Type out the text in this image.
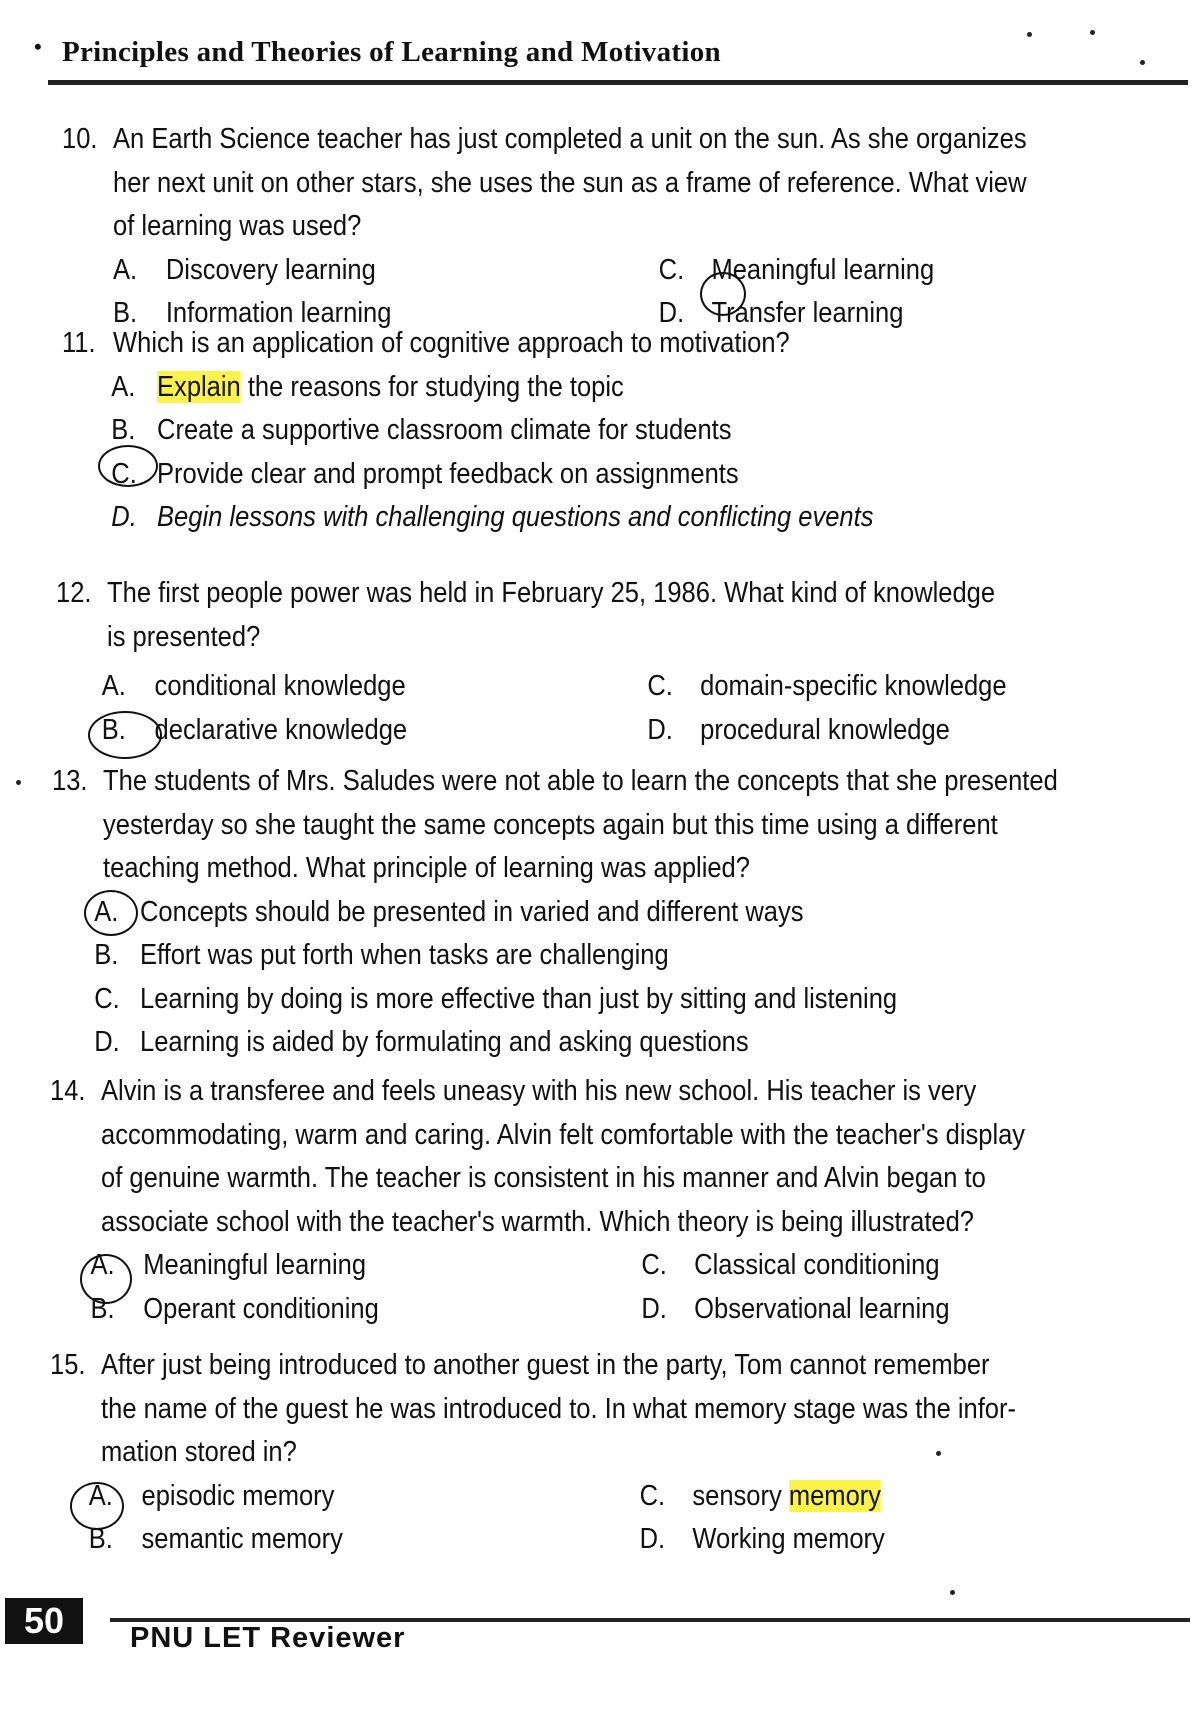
• Principles and Theories of Learning and Motivation
10. An Earth Science teacher has just completed a unit on the sun. As she organizes

her next unit on other stars, she uses the sun as a frame of reference. What view

of learning was used?

A. Discovery learning	C. Meaningful learning
B. Information learning	D. Transfer learning
11. Which is an application of cognitive approach to motivation?

A. Explain the reasons for studying the topic
B. Create a supportive classroom climate for students
C. Provide clear and prompt feedback on assignments
D. Begin lessons with challenging questions and conflicting events
12. The first people power was held in February 25, 1986. What kind of knowledge

is presented?

A. conditional knowledge	C. domain-specific knowledge
B. declarative knowledge	D. procedural knowledge
13. The students of Mrs. Saludes were not able to learn the concepts that she presented

yesterday so she taught the same concepts again but this time using a different

teaching method. What principle of learning was applied?

A. Concepts should be presented in varied and different ways
B. Effort was put forth when tasks are challenging
C. Learning by doing is more effective than just by sitting and listening
D. Learning is aided by formulating and asking questions
14. Alvin is a transferee and feels uneasy with his new school. His teacher is very

accommodating, warm and caring. Alvin felt comfortable with the teacher's display

of genuine warmth. The teacher is consistent in his manner and Alvin began to

associate school with the teacher's warmth. Which theory is being illustrated?

A. Meaningful learning	C. Classical conditioning
B. Operant conditioning	D. Observational learning
15. After just being introduced to another guest in the party, Tom cannot remember

the name of the guest he was introduced to. In what memory stage was the infor-

mation stored in?

A. episodic memory	C. sensory memory
B. semantic memory	D. Working memory
50	PNU LET Reviewer
